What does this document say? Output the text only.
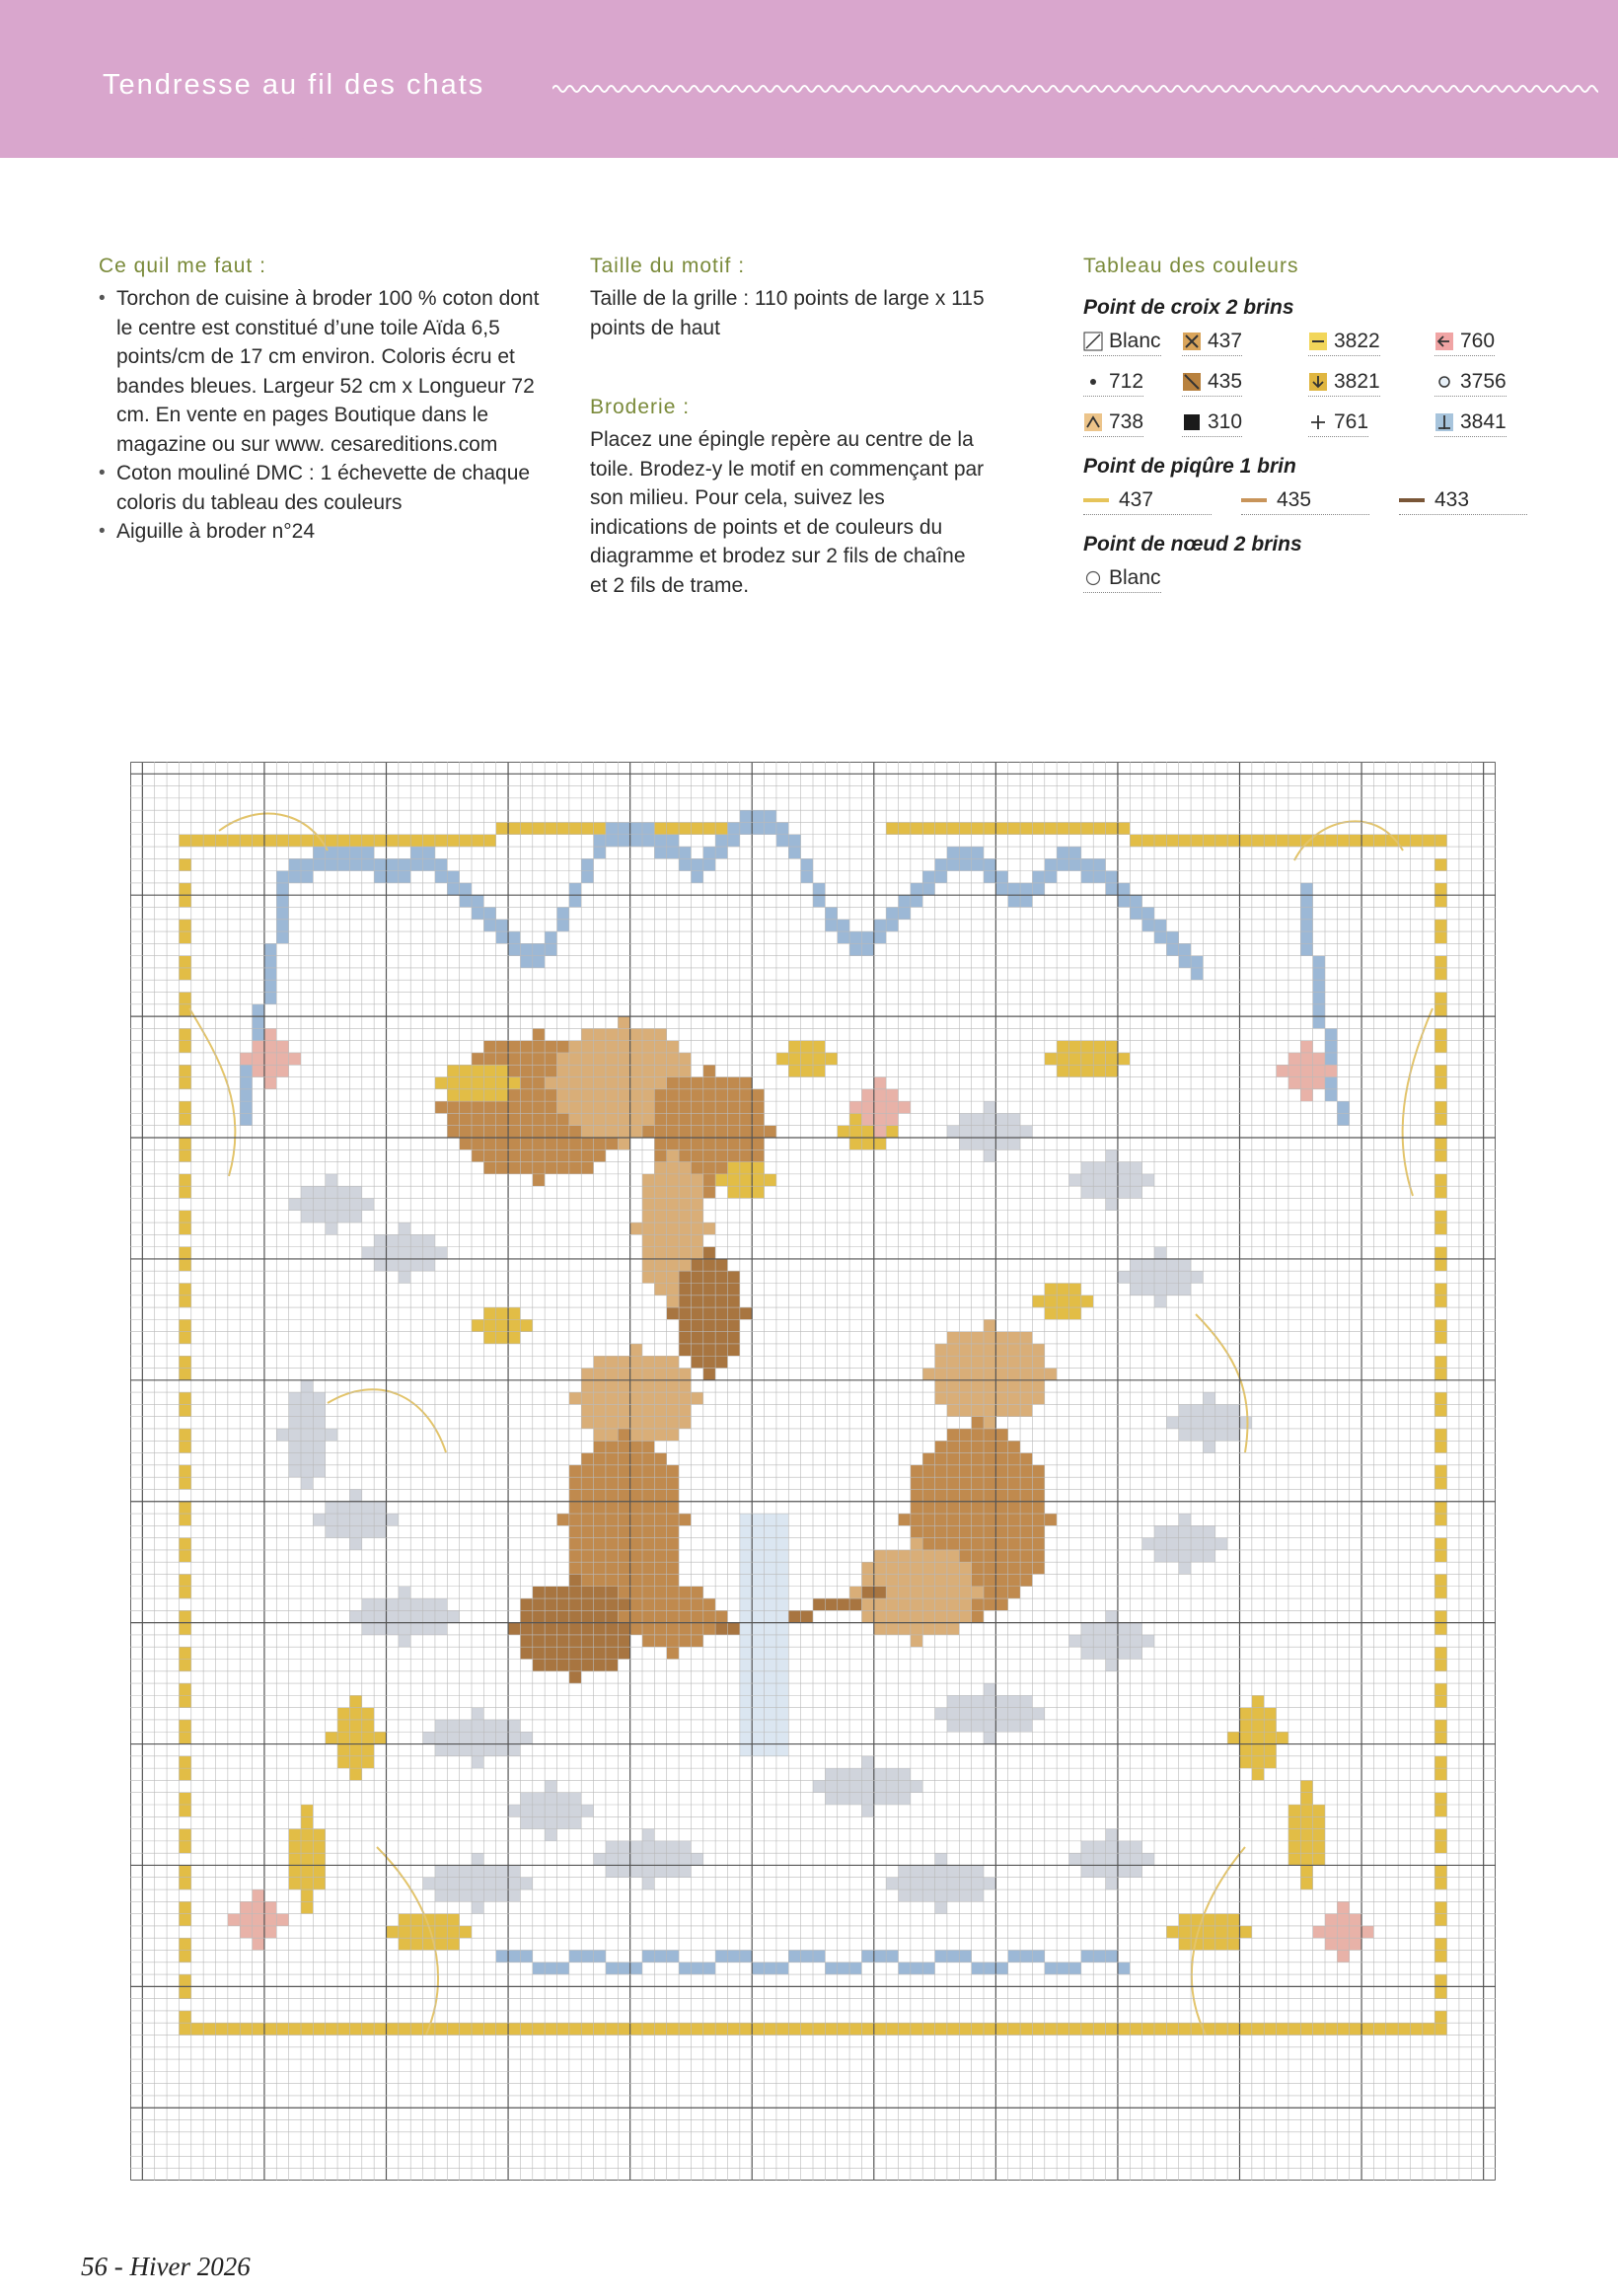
Tendresse au fil des chats
Ce quil me faut :
• Torchon de cuisine à broder 100 % coton dont le centre est constitué d’une toile Aïda 6,5 points/cm de 17 cm environ. Coloris écru et bandes bleues. Largeur 52 cm x Longueur 72 cm. En vente en pages Boutique dans le magazine ou sur www. cesareditions.com
• Coton mouliné DMC : 1 échevette de chaque coloris du tableau des couleurs
• Aiguille à broder n°24
Taille du motif :

Taille de la grille : 110 points de large x 115 points de haut

Broderie :

Placez une épingle repère au centre de la toile. Brodez-y le motif en commençant par son milieu. Pour cela, suivez les indications de points et de couleurs du diagramme et brodez sur 2 fils de chaîne et 2 fils de trame.

Tableau des couleurs
Point de croix 2 brins
Blanc 437	3822	760
712	435	3821	3756
738	310	761	3841
Point de piqûre 1 brin
437	435	433
Point de nœud 2 brins
Blanc
56 - Hiver 2026
